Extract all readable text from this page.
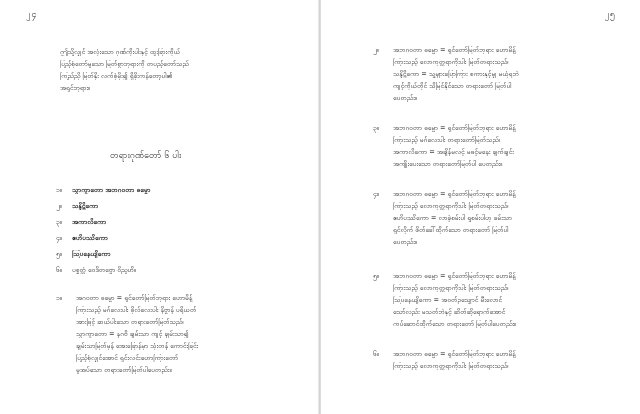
၂၄
ဤသို့လျှင် အလုံးသော ဂုဏ်ကိုးပါးနှင့် ထူးခြားကိုယ်
ပြည့်စုံတော်မူသော မြတ်စွာဘုရားကို တပည့်တော်သည်
ကြည်ညို မြတ်နိုး လက်စုံမိုး၍ ရှိခိုးကန်တော့ပါ၏
အရှင်ဘုရား။
တရားဂုဏ်တော် ၆ ပါး
၁။ သွာက္ခာတော အဘဂဝတာ ဓမ္မော
၂။ သန္ဒိဋ္ဌိကော
၃။ အကာလိကော
၄။ ဧဟိပဿိကော
၅။ ဩပနေယျိကော
၆။ ပစ္စတ္တံ ဝေဒိတဗ္ဗော ဝိညူဟိ။
၁။ အဂဝတာ ဓမ္မော = ရှင်တော်မြတ်ဘုရား ဟောမိန့်
ကြားသည့် မဂ်လေးပါး ဖိုလ်လေးပါး နိဗ္ဗာန် ပရိယတ်
အားဖြင့် ဆယ်ပါးသော တရားတော်မြတ်သည်၊
သွာက္ခာတော = နဂဗိ ချမ်းသာ ကျင့် ချမ်းသာ၍
ချမ်းသာမြတ်မှန် အေးခြောန်မှာ သုံးတန် ကောင်းခြင်း
ပြည့်စုံလျှင်အောင် ရှင်းလင်းဟောကြားတော်
မူအပ်သော တရားတော်မြတ်ပါပေတည်း။
၂၅
၂။ အဘဂဝတာ ဓမ္မော = ရှင်တော်မြတ်ဘုရား ဟောမိန့်
ကြားသည့် လောကုတ္တရာကိုးပါး မြတ်တရားသည်၊
သန္ဒိဋ္ဌိကော = သူ့များပြောကြား စကားနှင့်မျှ မယုံရဘဲ
ကျင့်ကိုယ်တိုင် သိမြင်နိုင်သော တရားတော် မြတ်ပါ
ပေတည်း။
၃။ အဘဂဝတာ ဓမ္မော = ရှင်တော်မြတ်ဘုရား ဟောမိန့်
ကြားသည့် မဂ်လေးပါး တရားတော်မြတ်သည်၊
အကာလိကော = အချိန်မလင့် မဖင့်မနေး ချက်ချင်း
အကျိုးပေးသော တရားတော်မြတ်ပါ ပေတည်း။
၄။ အဘဂဝတာ ဓမ္မော = ရှင်တော်မြတ်ဘုရား ဟောမိန့်
ကြားသည့် လောကုတ္တရာကိုးပါး မြတ်တရားသည်၊
ဧဟိပဿိကော = လာခဲ့စမ်းပါ ရှုစမ်းပါဟု ခမ်းသာ
ရှင်လိုက် ဖိတ်ခေါ်ထိုက်သော တရားတော် မြတ်ပါ
ပေတည်း။
၅။ အဘဂဝတာ ဓမ္မော = ရှင်တော်မြတ်ဘုရား ဟောမိန့်
ကြားသည့် လောကုတ္တရာကိုးပါး မြတ်တရားသည်၊
ဩပနေယျိကော = အဝတ်ဥသျှောင် မီးလောင်
သော်လည်း မသတ်ဘဲနှင့် ဆိတ်ဆိုရောက်အောင်
ကပ်ဆောင်ထိုက်သော တရားတော် မြတ်ပါပေတည်း။
၆။ အဘဂဝတာ ဓမ္မော = ရှင်တော်မြတ်ဘုရား ဟောမိန့်
ကြားသည့် လောကုတ္တရာကိုးပါး မြတ်တရားသည်၊
